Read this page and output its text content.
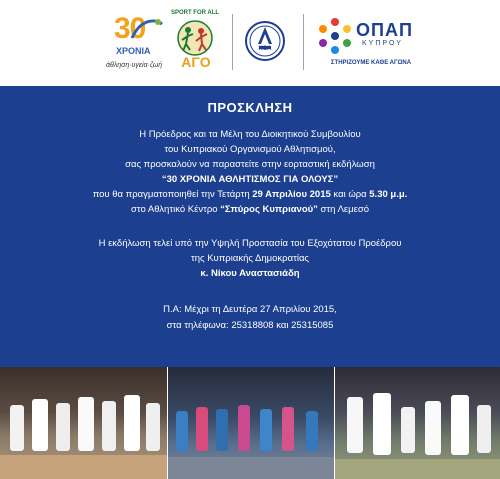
30
ΧΡΟΝΙΑ
άθληση·υγεία·ζωή
SPORT FOR ALL
ΑΓΟ
ΚΟΑ
ΟΠΑΠ
ΚΥΠΡΟΥ
ΣΤΗΡΙΖΟΥΜΕ ΚΑΘΕ ΑΓΩΝΑ
ΠΡΟΣΚΛΗΣΗ
Η Πρόεδρος και τα Μέλη του Διοικητικού Συμβουλίου
του Κυπριακού Οργανισμού Αθλητισμού,
σας προσκαλούν να παραστείτε στην εορταστική εκδήλωση
“30 ΧΡΟΝΙΑ ΑΘΛΗΤΙΣΜΟΣ ΓΙΑ ΟΛΟΥΣ”
που θα πραγματοποιηθεί την Τετάρτη 29 Απριλίου 2015 και ώρα 5.30 μ.μ.
στο Αθλητικό Κέντρο “Σπύρος Κυπριανού” στη Λεμεσό
Η εκδήλωση τελεί υπό την Υψηλή Προστασία του Εξοχότατου Προέδρου
της Κυπριακής Δημοκρατίας
κ. Νίκου Αναστασιάδη
Π.Α: Μέχρι τη Δευτέρα 27 Απριλίου 2015,
στα τηλέφωνα: 25318808 και 25315085
